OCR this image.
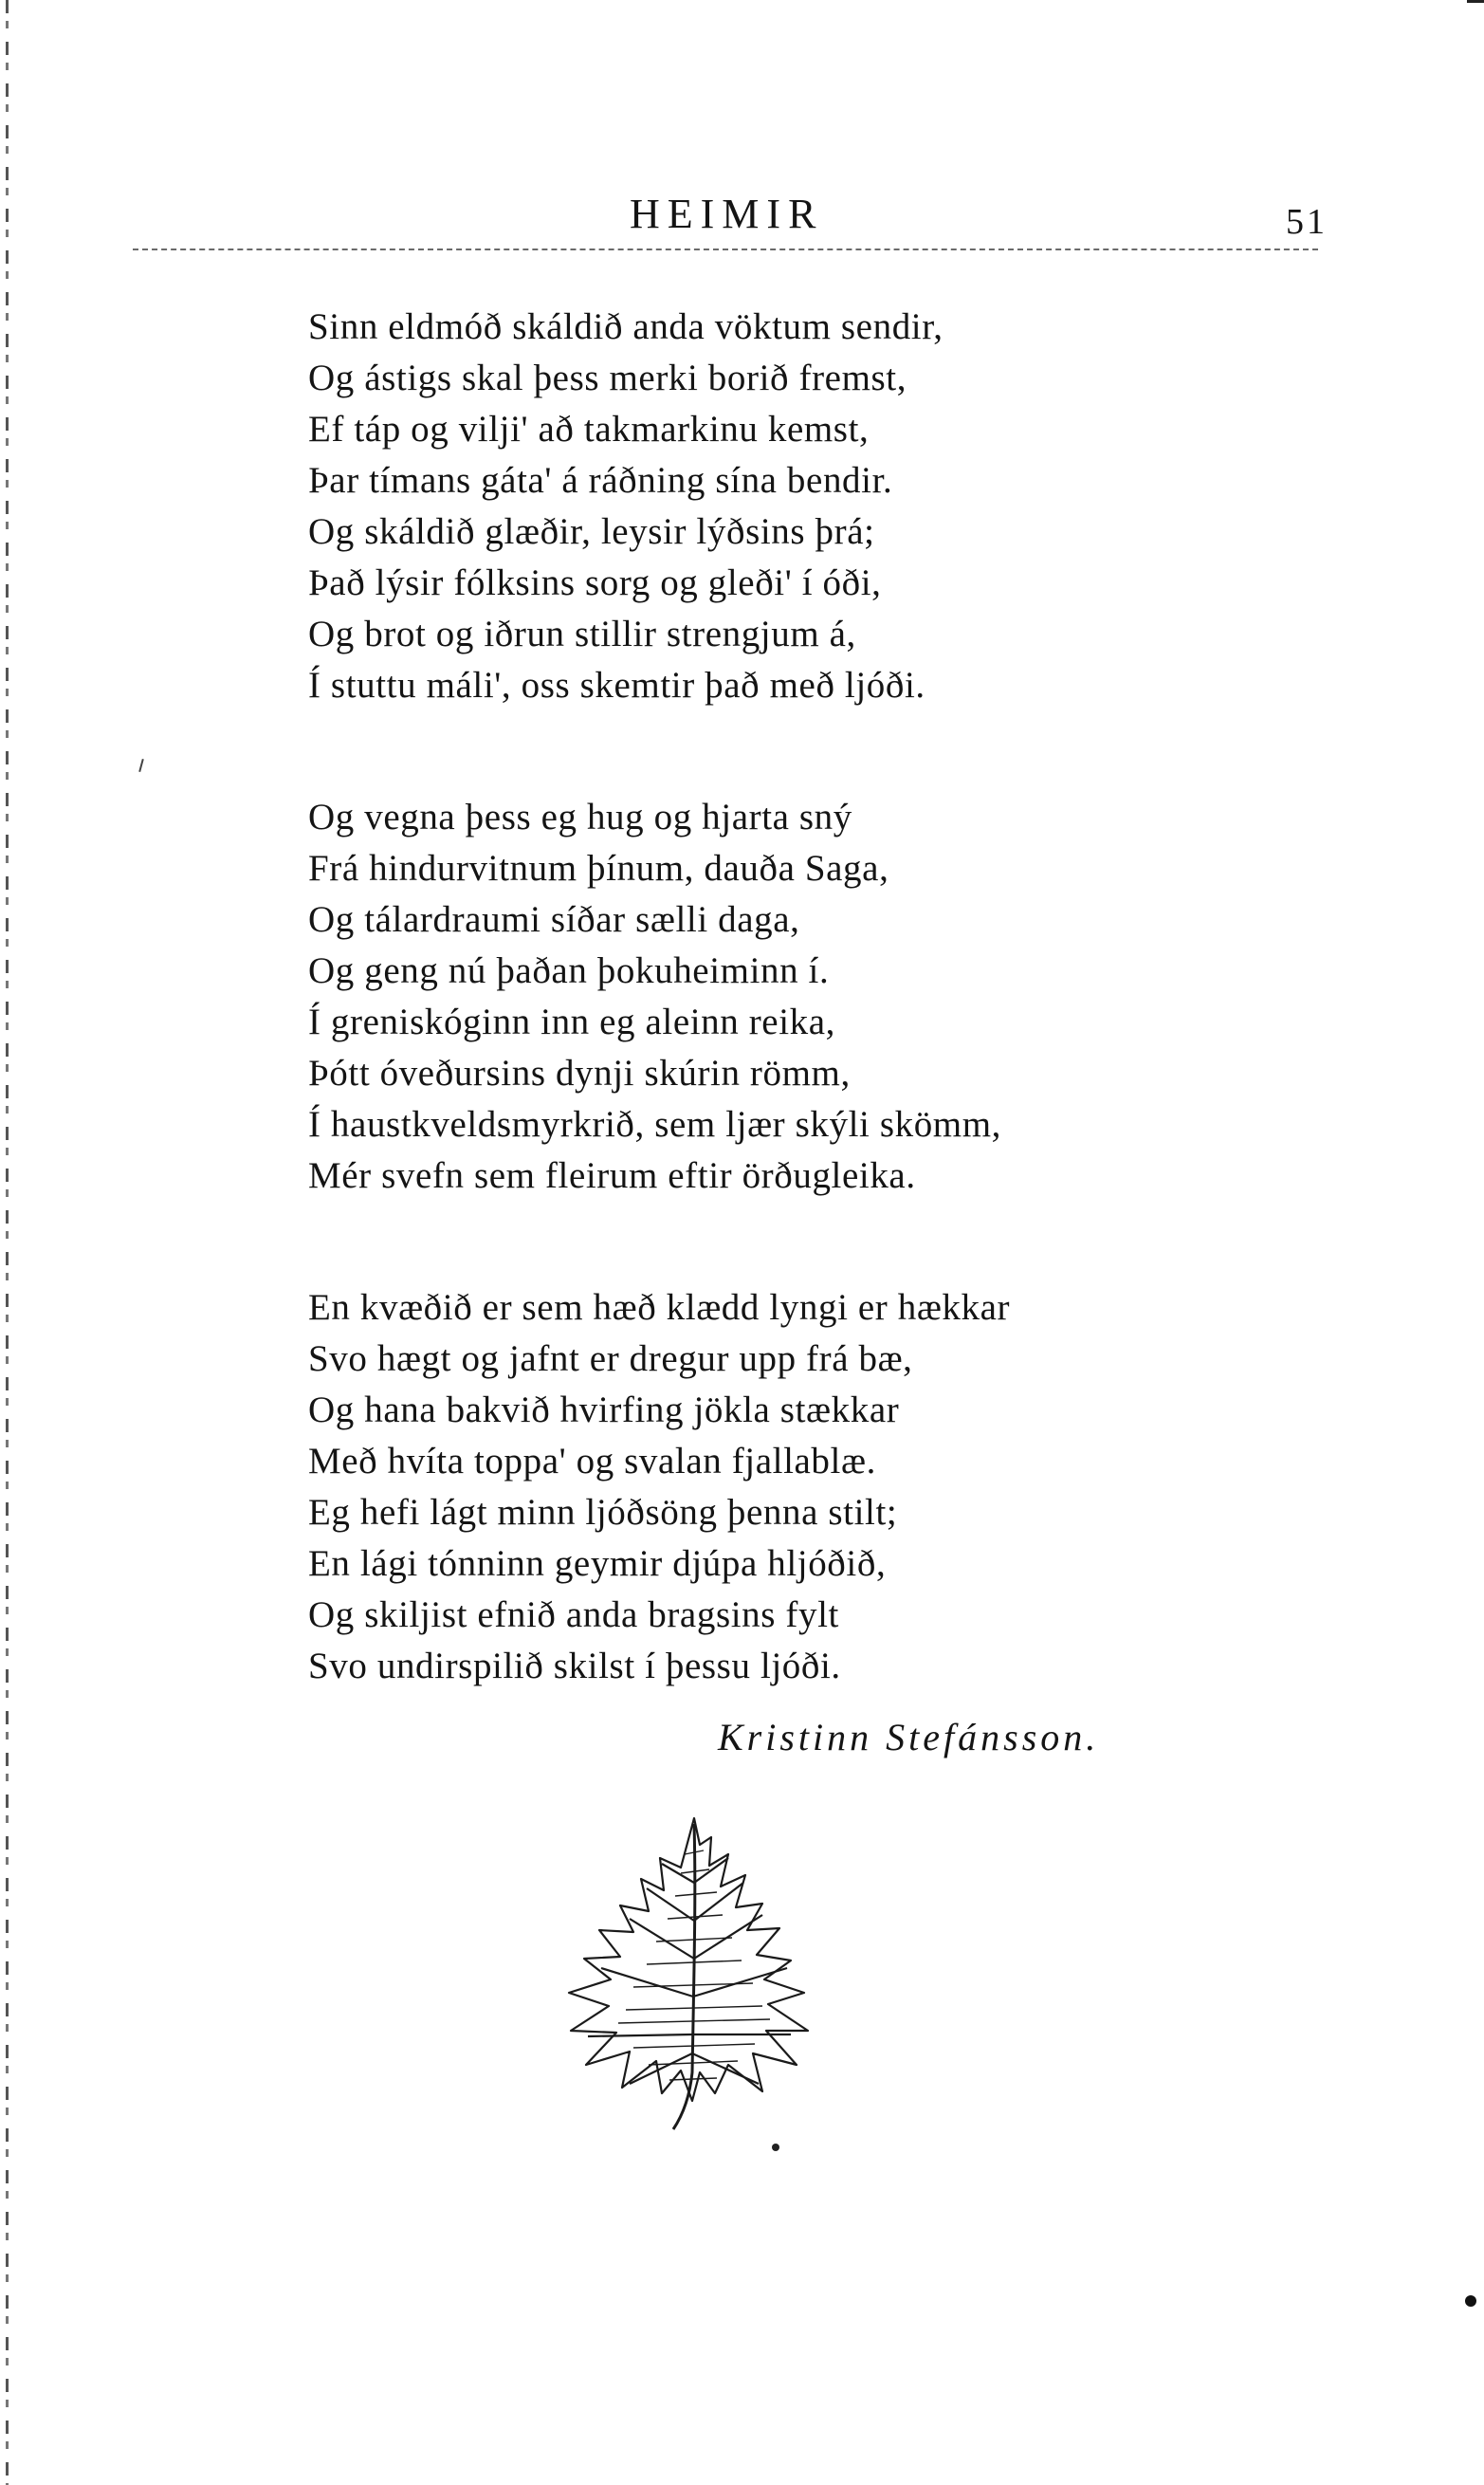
HEIMIR	51
Sinn eldmóð skáldið anda vöktum sendir,
Og ástigs skal þess merki borið fremst,
Ef táp og vilji' að takmarkinu kemst,
Þar tímans gáta' á ráðning sína bendir.
Og skáldið glæðir, leysir lýðsins þrá;
Það lýsir fólksins sorg og gleði' í óði,
Og brot og iðrun stillir strengjum á,
Í stuttu máli', oss skemtir það með ljóði.
Og vegna þess eg hug og hjarta sný
Frá hindurvitnum þínum, dauða Saga,
Og tálardraumi síðar sælli daga,
Og geng nú þaðan þokuheiminn í.
Í greniskóginn inn eg aleinn reika,
Þótt óveðursins dynji skúrin römm,
Í haustkveldsmyrkrið, sem ljær skýli skömm,
Mér svefn sem fleirum eftir örðugleika.
En kvæðið er sem hæð klædd lyngi er hækkar
Svo hægt og jafnt er dregur upp frá bæ,
Og hana bakvið hvirfing jökla stækkar
Með hvíta toppa' og svalan fjallablæ.
Eg hefi lágt minn ljóðsöng þenna stilt;
En lági tónninn geymir djúpa hljóðið,
Og skiljist efnið anda bragsins fylt
Svo undirspilið skilst í þessu ljóði.
Kristinn Stefánsson.
